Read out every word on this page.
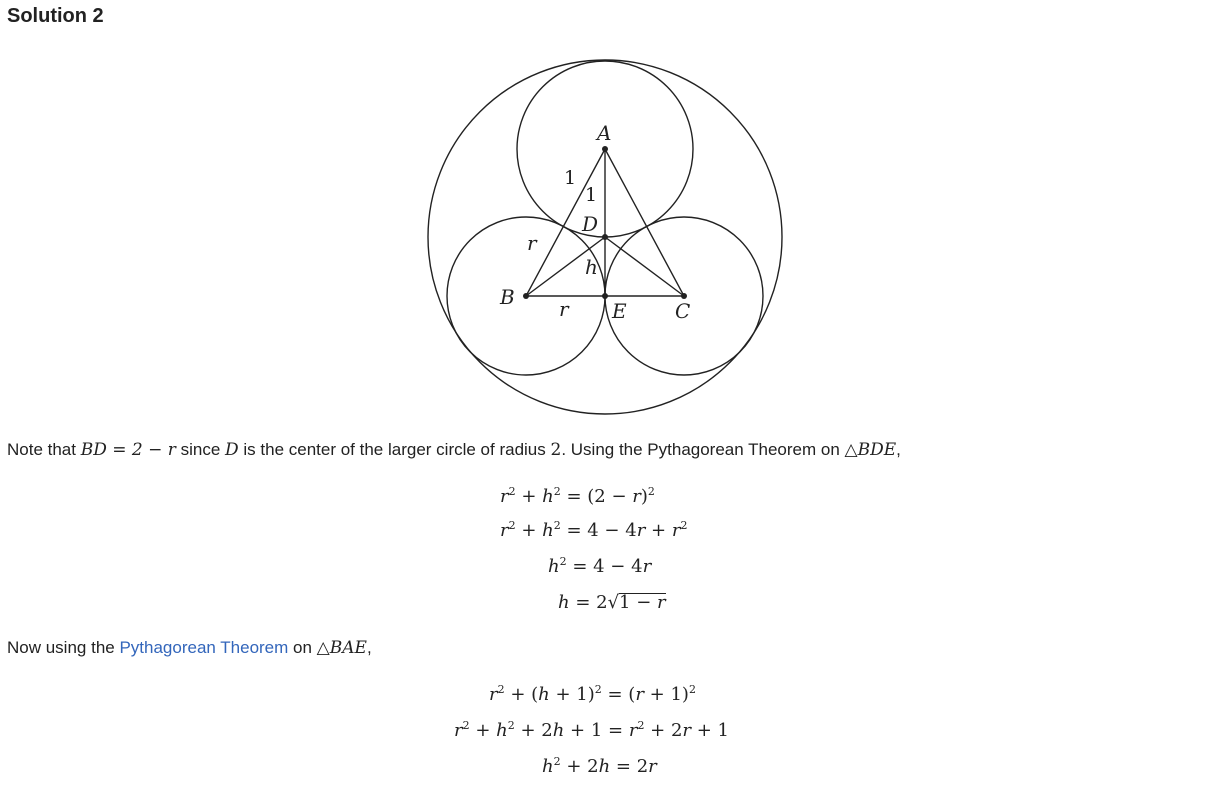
Solution 2
A
B
C
D
E
h
r
r
1
1
Note that BD = 2 − r since D is the center of the larger circle of radius 2. Using the Pythagorean Theorem on △BDE,
$r^2 + h^2 = (2 - r)^2$
$r^2 + h^2 = 4 - 4r + r^2$
$h^2 = 4 - 4r$
h = 2√1 − r
Now using the Pythagorean Theorem on △BAE,
$r^2 + (h + 1)^2 = (r + 1)^2$
$r^2 + h^2 + 2h + 1 = r^2 + 2r + 1$
$h^2 + 2h = 2r$
